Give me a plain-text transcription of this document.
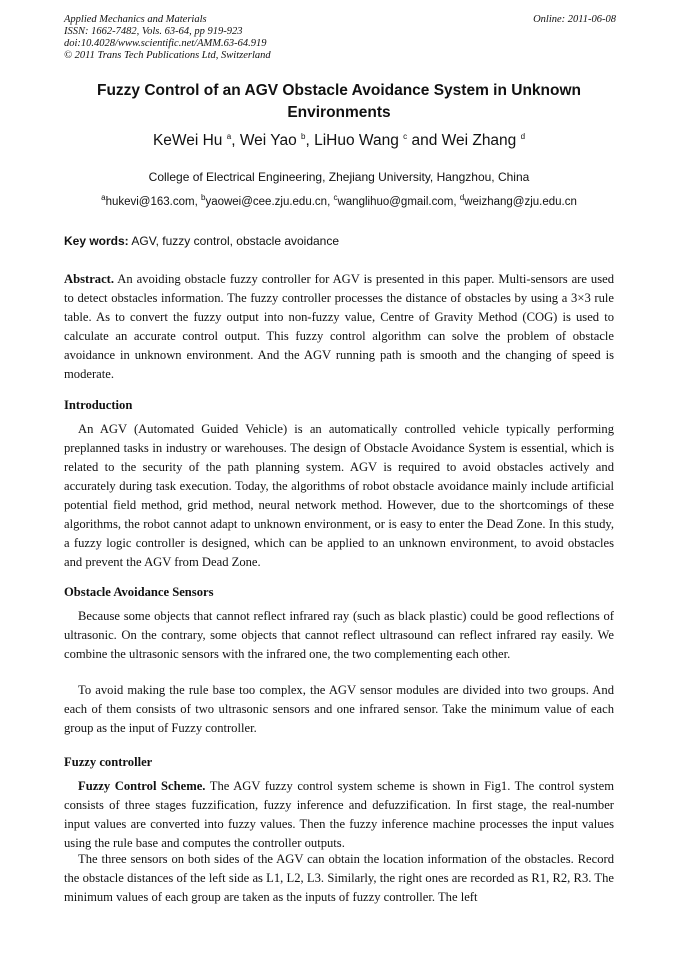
Applied Mechanics and Materials
ISSN: 1662-7482, Vols. 63-64, pp 919-923
doi:10.4028/www.scientific.net/AMM.63-64.919
© 2011 Trans Tech Publications Ltd, Switzerland
Online: 2011-06-08
Fuzzy Control of an AGV Obstacle Avoidance System in Unknown Environments
KeWei Hu $^a$, Wei Yao $^b$, LiHuo Wang $^c$ and Wei Zhang $^d$
College of Electrical Engineering, Zhejiang University, Hangzhou, China
$^a$hukevi@163.com, $^b$yaowei@cee.zju.edu.cn, $^c$wanglihuo@gmail.com, $^d$weizhang@zju.edu.cn
Key words: AGV, fuzzy control, obstacle avoidance
Abstract. An avoiding obstacle fuzzy controller for AGV is presented in this paper. Multi-sensors are used to detect obstacles information. The fuzzy controller processes the distance of obstacles by using a 3×3 rule table. As to convert the fuzzy output into non-fuzzy value, Centre of Gravity Method (COG) is used to calculate an accurate control output. This fuzzy control algorithm can solve the problem of obstacle avoidance in unknown environment. And the AGV running path is smooth and the changing of speed is moderate.
Introduction
An AGV (Automated Guided Vehicle) is an automatically controlled vehicle typically performing preplanned tasks in industry or warehouses. The design of Obstacle Avoidance System is essential, which is related to the security of the path planning system. AGV is required to avoid obstacles actively and accurately during task execution. Today, the algorithms of robot obstacle avoidance mainly include artificial potential field method, grid method, neural network method. However, due to the shortcomings of these algorithms, the robot cannot adapt to unknown environment, or is easy to enter the Dead Zone. In this study, a fuzzy logic controller is designed, which can be applied to an unknown environment, to avoid obstacles and prevent the AGV from Dead Zone.
Obstacle Avoidance Sensors
Because some objects that cannot reflect infrared ray (such as black plastic) could be good reflections of ultrasonic. On the contrary, some objects that cannot reflect ultrasound can reflect infrared ray easily. We combine the ultrasonic sensors with the infrared one, the two complementing each other.
To avoid making the rule base too complex, the AGV sensor modules are divided into two groups. And each of them consists of two ultrasonic sensors and one infrared sensor. Take the minimum value of each group as the input of Fuzzy controller.
Fuzzy controller
Fuzzy Control Scheme. The AGV fuzzy control system scheme is shown in Fig1. The control system consists of three stages fuzzification, fuzzy inference and defuzzification. In first stage, the real-number input values are converted into fuzzy values. Then the fuzzy inference machine processes the input values using the rule base and computes the controller outputs.
The three sensors on both sides of the AGV can obtain the location information of the obstacles. Record the obstacle distances of the left side as L1, L2, L3. Similarly, the right ones are recorded as R1, R2, R3. The minimum values of each group are taken as the inputs of fuzzy controller. The left
